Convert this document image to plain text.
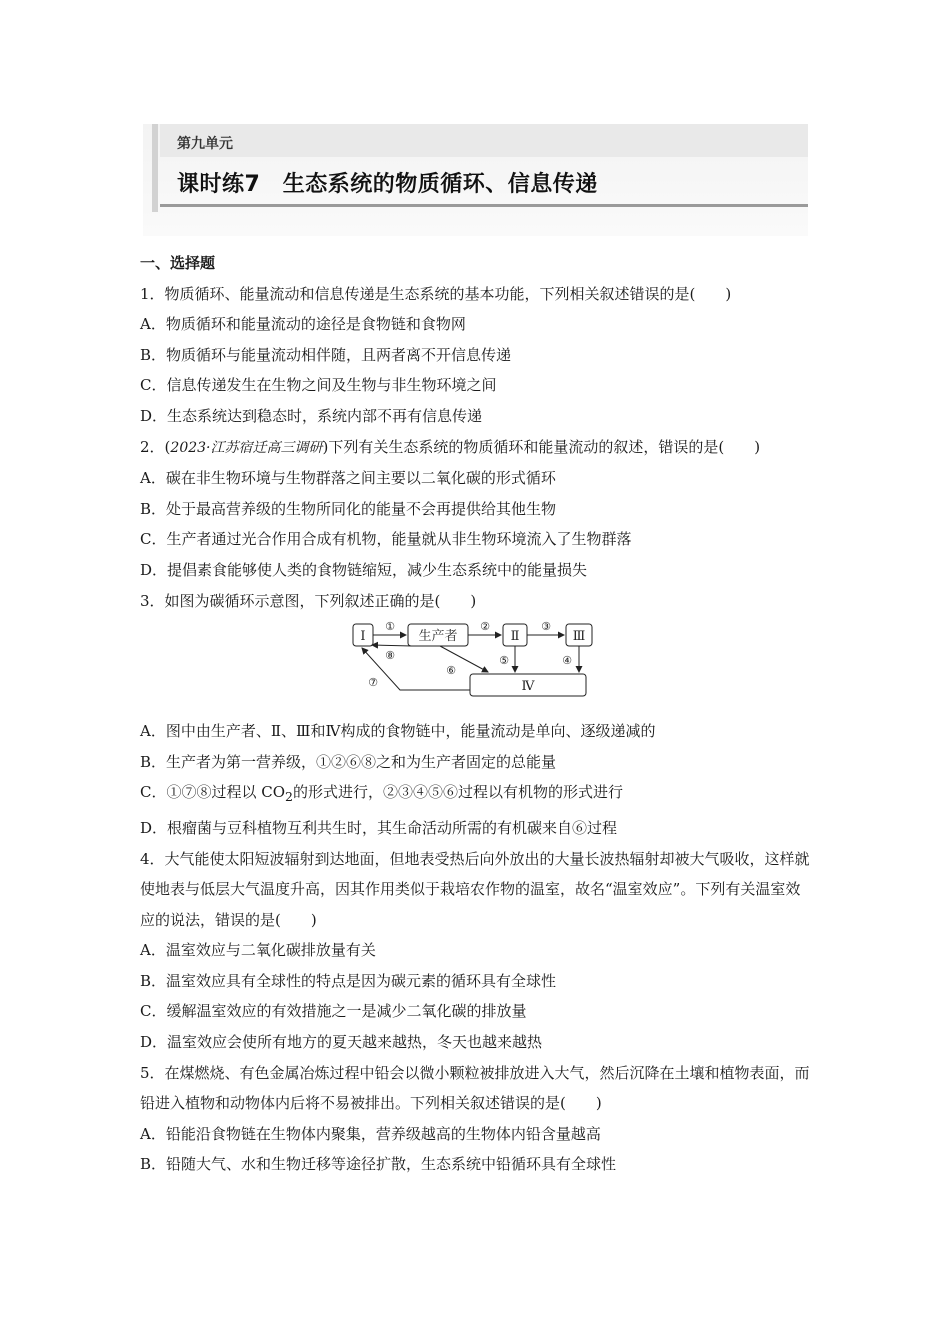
第九单元
课时练7　生态系统的物质循环、信息传递
一、选择题
1．物质循环、能量流动和信息传递是生态系统的基本功能，下列相关叙述错误的是(　　)
A．物质循环和能量流动的途径是食物链和食物网
B．物质循环与能量流动相伴随，且两者离不开信息传递
C．信息传递发生在生物之间及生物与非生物环境之间
D．生态系统达到稳态时，系统内部不再有信息传递
2．(2023·江苏宿迁高三调研)下列有关生态系统的物质循环和能量流动的叙述，错误的是(　　)
A．碳在非生物环境与生物群落之间主要以二氧化碳的形式循环
B．处于最高营养级的生物所同化的能量不会再提供给其他生物
C．生产者通过光合作用合成有机物，能量就从非生物环境流入了生物群落
D．提倡素食能够使人类的食物链缩短，减少生态系统中的能量损失
3．如图为碳循环示意图，下列叙述正确的是(　　)
Ⅰ	生产者	Ⅱ	Ⅲ
Ⅳ
①	②	③
④
⑤
⑥
⑦
⑧
A．图中由生产者、Ⅱ、Ⅲ和Ⅳ构成的食物链中，能量流动是单向、逐级递减的
B．生产者为第一营养级，①②⑥⑧之和为生产者固定的总能量
C．①⑦⑧过程以 $CO_2$的形式进行，②③④⑤⑥过程以有机物的形式进行
D．根瘤菌与豆科植物互利共生时，其生命活动所需的有机碳来自⑥过程
4．大气能使太阳短波辐射到达地面，但地表受热后向外放出的大量长波热辐射却被大气吸收，这样就使地表与低层大气温度升高，因其作用类似于栽培农作物的温室，故名“温室效应”。下列有关温室效应的说法，错误的是(　　)
A．温室效应与二氧化碳排放量有关
B．温室效应具有全球性的特点是因为碳元素的循环具有全球性
C．缓解温室效应的有效措施之一是减少二氧化碳的排放量
D．温室效应会使所有地方的夏天越来越热，冬天也越来越热
5．在煤燃烧、有色金属冶炼过程中铅会以微小颗粒被排放进入大气，然后沉降在土壤和植物表面，而铅进入植物和动物体内后将不易被排出。下列相关叙述错误的是(　　)
A．铅能沿食物链在生物体内聚集，营养级越高的生物体内铅含量越高
B．铅随大气、水和生物迁移等途径扩散，生态系统中铅循环具有全球性
